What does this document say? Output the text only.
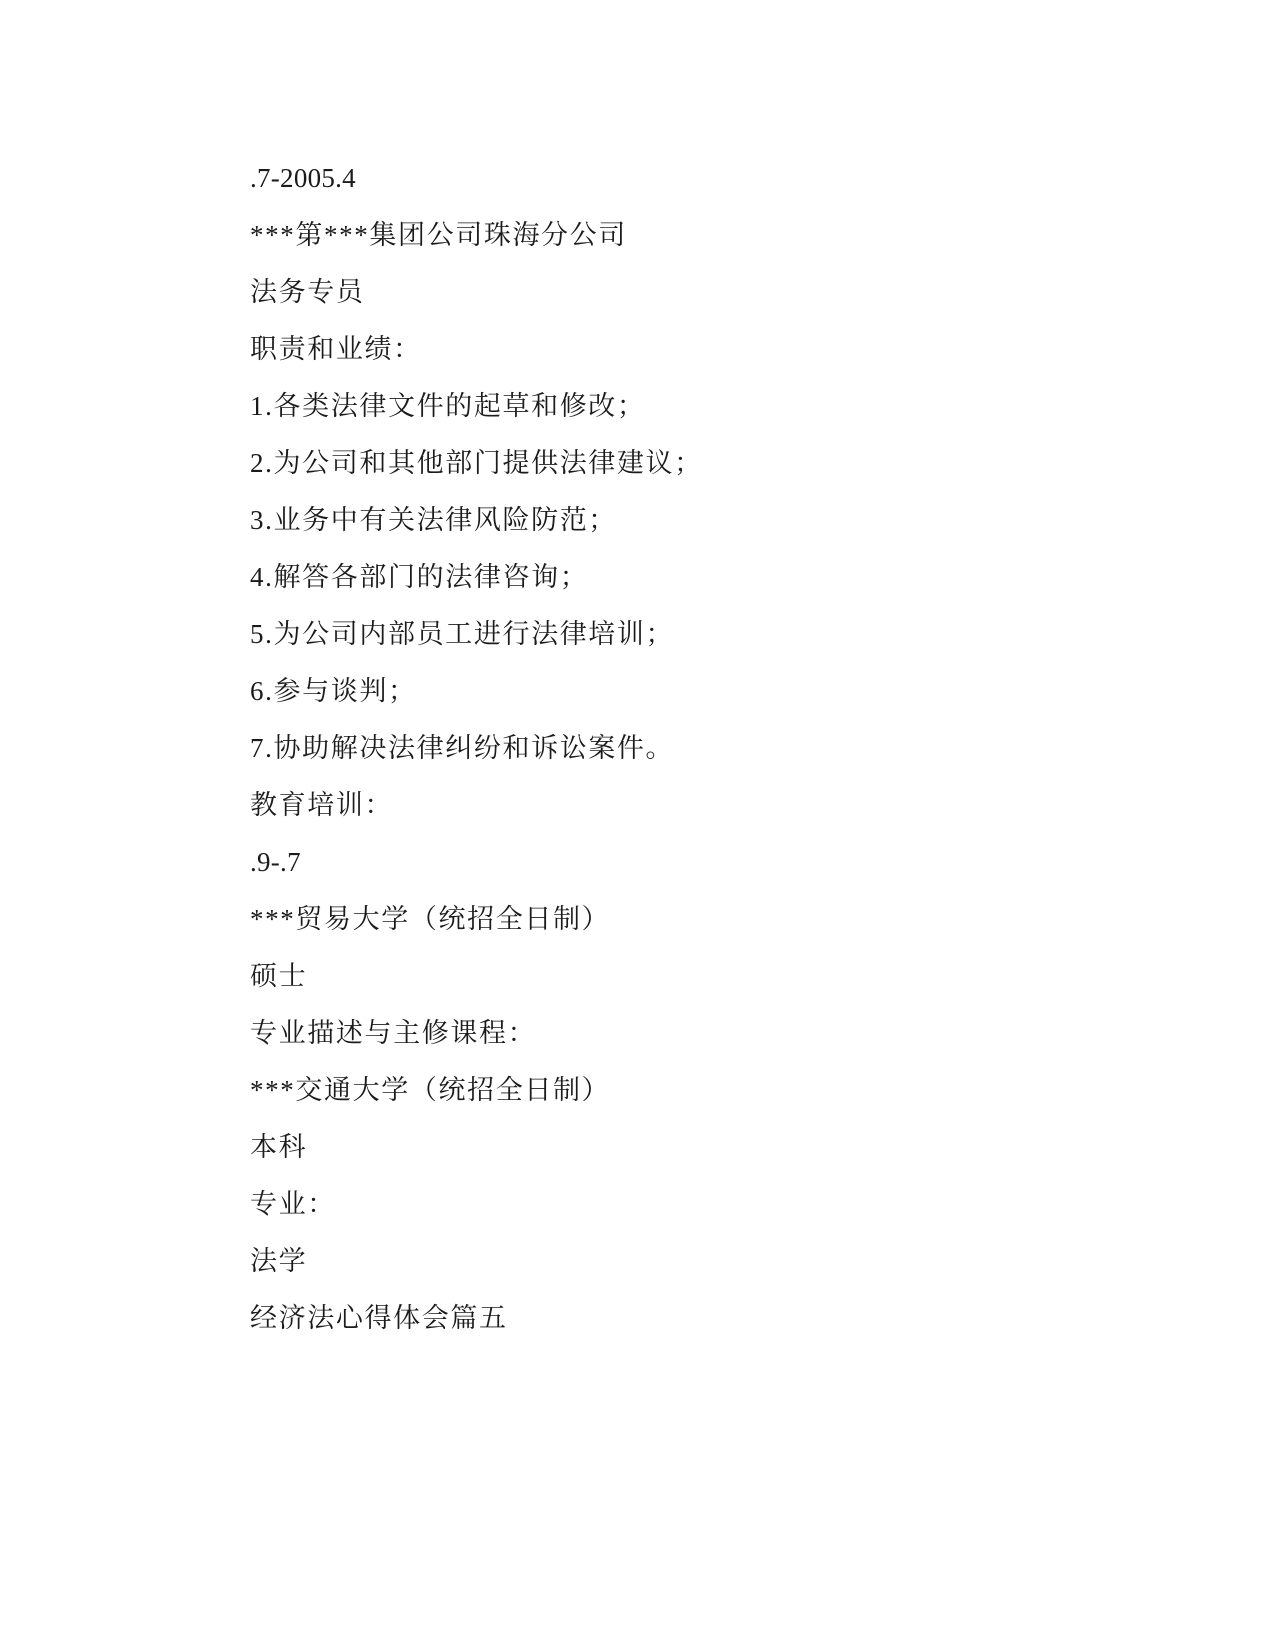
.7-2005.4

***第***集团公司珠海分公司

法务专员

职责和业绩：

1.各类法律文件的起草和修改；

2.为公司和其他部门提供法律建议；

3.业务中有关法律风险防范；

4.解答各部门的法律咨询；

5.为公司内部员工进行法律培训；

6.参与谈判；

7.协助解决法律纠纷和诉讼案件。

教育培训：

.9-.7

***贸易大学（统招全日制）

硕士

专业描述与主修课程：

***交通大学（统招全日制）

本科

专业：

法学

经济法心得体会篇五
